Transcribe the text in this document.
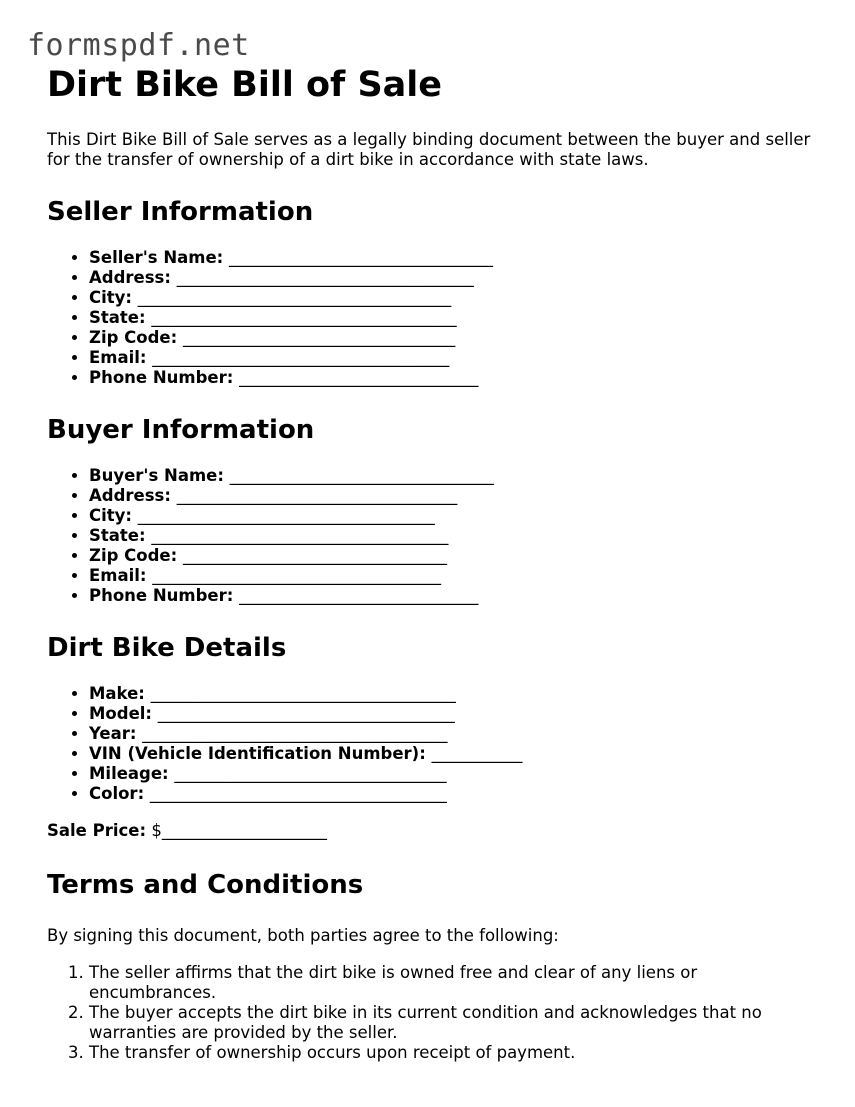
formspdf.net
Dirt Bike Bill of Sale

This Dirt Bike Bill of Sale serves as a legally binding document between the buyer and seller for the transfer of ownership of a dirt bike in accordance with state laws.

Seller Information
• Seller's Name: ________________________________
• Address: ____________________________________
• City: ______________________________________
• State: _____________________________________
• Zip Code: _________________________________
• Email: ____________________________________
• Phone Number: _____________________________
Buyer Information
• Buyer's Name: ________________________________
• Address: __________________________________
• City: ____________________________________
• State: ____________________________________
• Zip Code: ________________________________
• Email: ___________________________________
• Phone Number: _____________________________
Dirt Bike Details
• Make: _____________________________________
• Model: ____________________________________
• Year: _____________________________________
• VIN (Vehicle Identification Number): ___________
• Mileage: _________________________________
• Color: ____________________________________

Sale Price: $____________________

Terms and Conditions

By signing this document, both parties agree to the following:

1. The seller affirms that the dirt bike is owned free and clear of any liens or encumbrances.
2. The buyer accepts the dirt bike in its current condition and acknowledges that no warranties are provided by the seller.
3. The transfer of ownership occurs upon receipt of payment.
